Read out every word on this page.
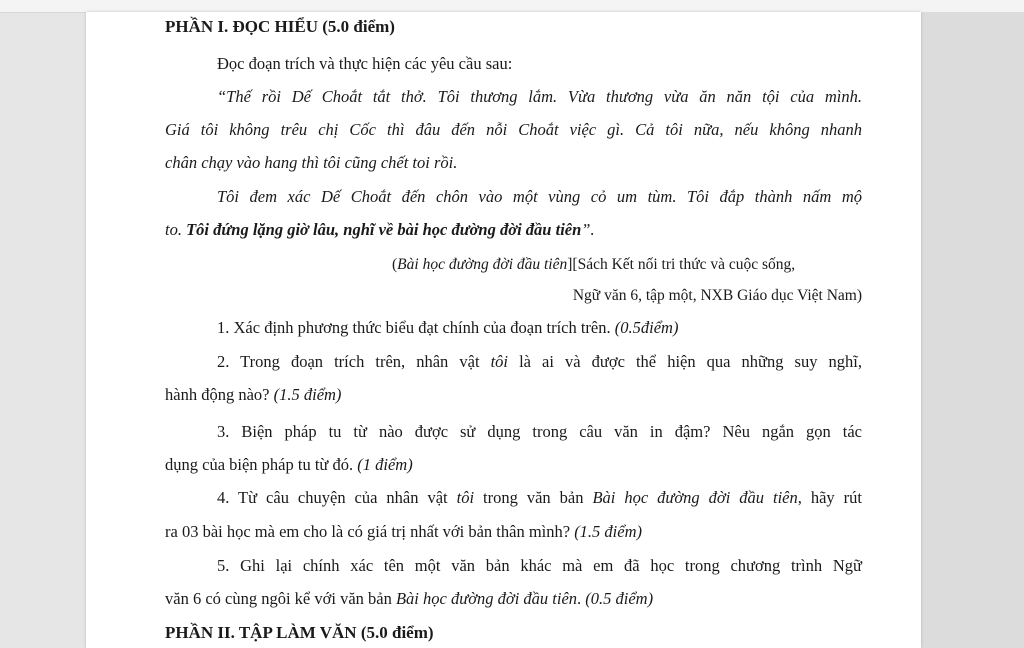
PHẦN I. ĐỌC HIỂU (5.0 điểm)
Đọc đoạn trích và thực hiện các yêu cầu sau:
“Thế rồi Dế Choắt tắt thở. Tôi thương lắm. Vừa thương vừa ăn năn tội của mình.
Giá tôi không trêu chị Cốc thì đâu đến nỗi Choắt việc gì. Cả tôi nữa, nếu không nhanh
chân chạy vào hang thì tôi cũng chết toi rồi.
Tôi đem xác Dế Choắt đến chôn vào một vùng cỏ um tùm. Tôi đắp thành nấm mộ
to. Tôi đứng lặng giờ lâu, nghĩ về bài học đường đời đầu tiên”.
(Bài học đường đời đầu tiên][Sách Kết nối tri thức và cuộc sống,
Ngữ văn 6, tập một, NXB Giáo dục Việt Nam)
1. Xác định phương thức biểu đạt chính của đoạn trích trên. (0.5điểm)
2. Trong đoạn trích trên, nhân vật tôi là ai và được thể hiện qua những suy nghĩ,
hành động nào? (1.5 điểm)
3. Biện pháp tu từ nào được sử dụng trong câu văn in đậm? Nêu ngắn gọn tác
dụng của biện pháp tu từ đó. (1 điểm)
4. Từ câu chuyện của nhân vật tôi trong văn bản Bài học đường đời đầu tiên, hãy rút
ra 03 bài học mà em cho là có giá trị nhất với bản thân mình? (1.5 điểm)
5. Ghi lại chính xác tên một văn bản khác mà em đã học trong chương trình Ngữ
văn 6 có cùng ngôi kể với văn bản Bài học đường đời đầu tiên. (0.5 điểm)
PHẦN II. TẬP LÀM VĂN (5.0 điểm)
